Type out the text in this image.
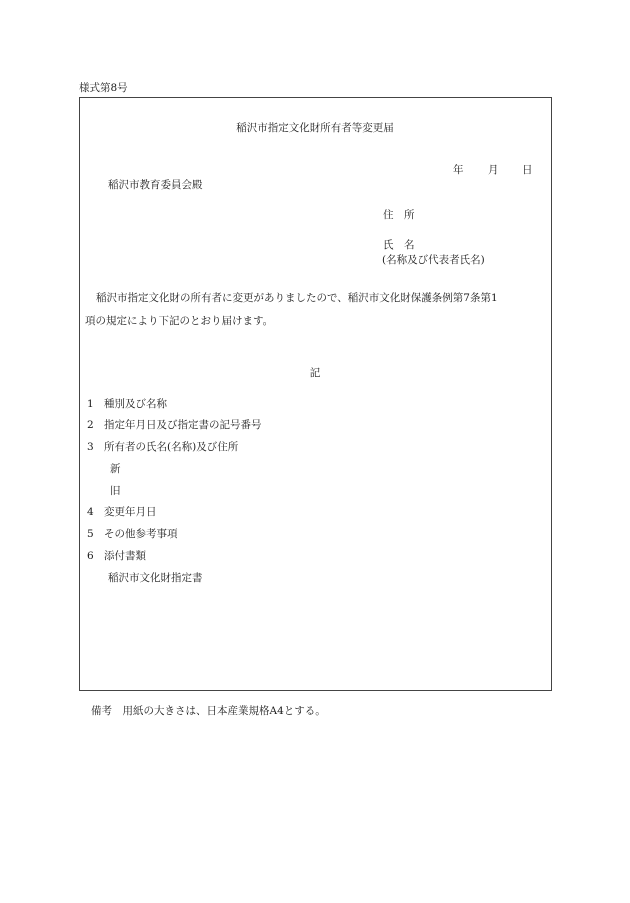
様式第8号
稲沢市指定文化財所有者等変更届
年 月 日
稲沢市教育委員会殿
住　所
氏　名
(名称及び代表者氏名)
稲沢市指定文化財の所有者に変更がありましたので、稲沢市文化財保護条例第7条第1
項の規定により下記のとおり届けます。
記
1 種別及び名称
2 指定年月日及び指定書の記号番号
3 所有者の氏名(名称)及び住所
新
旧
4 変更年月日
5 その他参考事項
6 添付書類
稲沢市文化財指定書
備考　用紙の大きさは、日本産業規格A4とする。
